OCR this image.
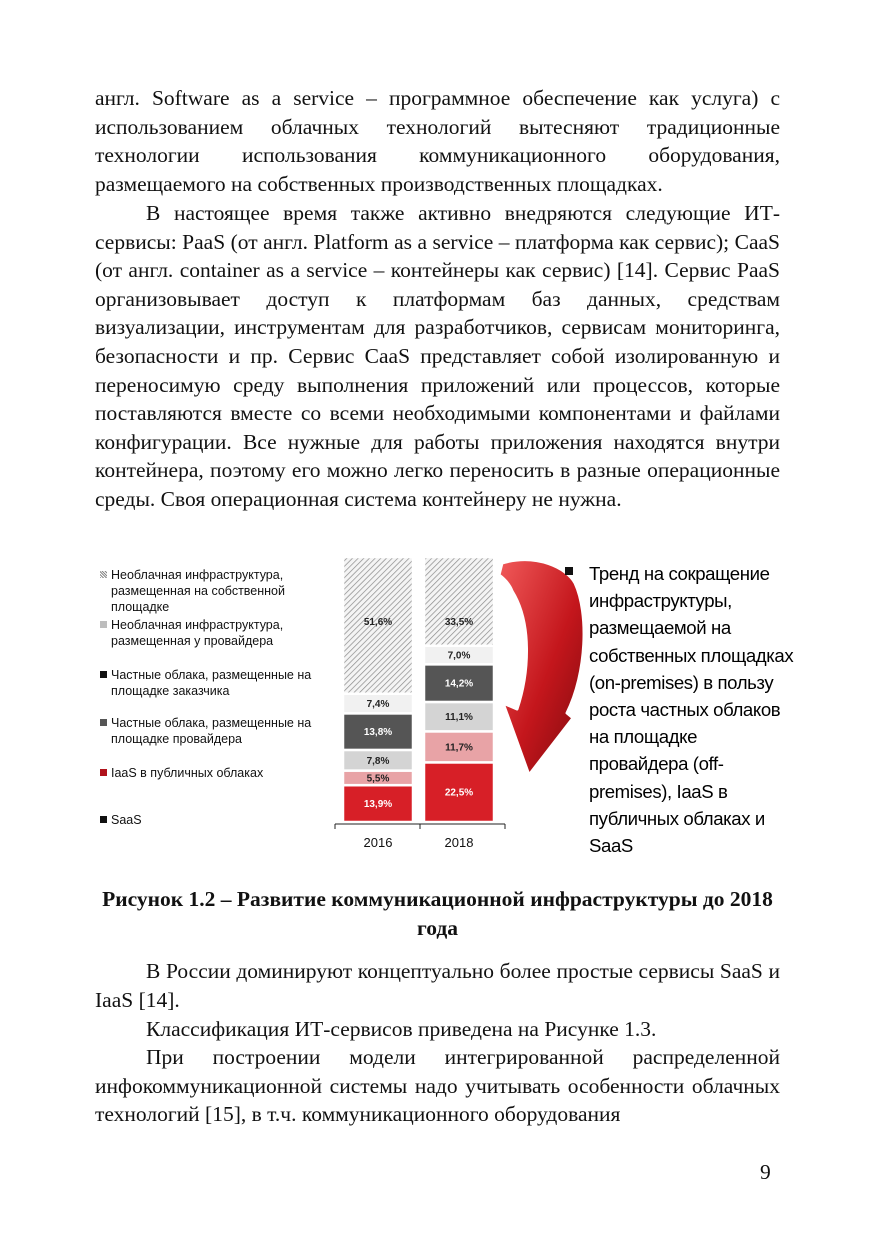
англ. Software as a service – программное обеспечение как услуга) с использованием облачных технологий вытесняют традиционные технологии использования коммуникационного оборудования, размещаемого на собственных производственных площадках.

В настоящее время также активно внедряются следующие ИТ-сервисы: PaaS (от англ. Platform as a service – платформа как сервис); CaaS (от англ. container as a service – контейнеры как сервис) [14]. Сервис PaaS организовывает доступ к платформам баз данных, средствам визуализации, инструментам для разработчиков, сервисам мониторинга, безопасности и пр. Сервис CaaS представляет собой изолированную и переносимую среду выполнения приложений или процессов, которые поставляются вместе со всеми необходимыми компонентами и файлами конфигурации. Все нужные для работы приложения находятся внутри контейнера, поэтому его можно легко переносить в разные операционные среды. Своя операционная система контейнеру не нужна.

Необлачная инфраструктура, размещенная на собственной площадке
Необлачная инфраструктура, размещенная у провайдера
Частные облака, размещенные на площадке заказчика
Частные облака, размещенные на площадке провайдера
IaaS в публичных облаках
SaaS
13,9%
5,5%
7,8%
13,8%
7,4%
51,6%
2016
22,5%
11,7%
11,1%
14,2%
7,0%
33,5%
2018
Тренд на сокращение инфраструктуры, размещаемой на собственных площадках (on-premises) в пользу роста частных облаков на площадке провайдера (off-premises), IaaS в публичных облаках и SaaS

Рисунок 1.2 – Развитие коммуникационной инфраструктуры до 2018 года

В России доминируют концептуально более простые сервисы SaaS и IaaS [14].

Классификация ИТ-сервисов приведена на Рисунке 1.3.

При построении модели интегрированной распределенной инфокоммуникационной системы надо учитывать особенности облачных технологий [15], в т.ч. коммуникационного оборудования

9
